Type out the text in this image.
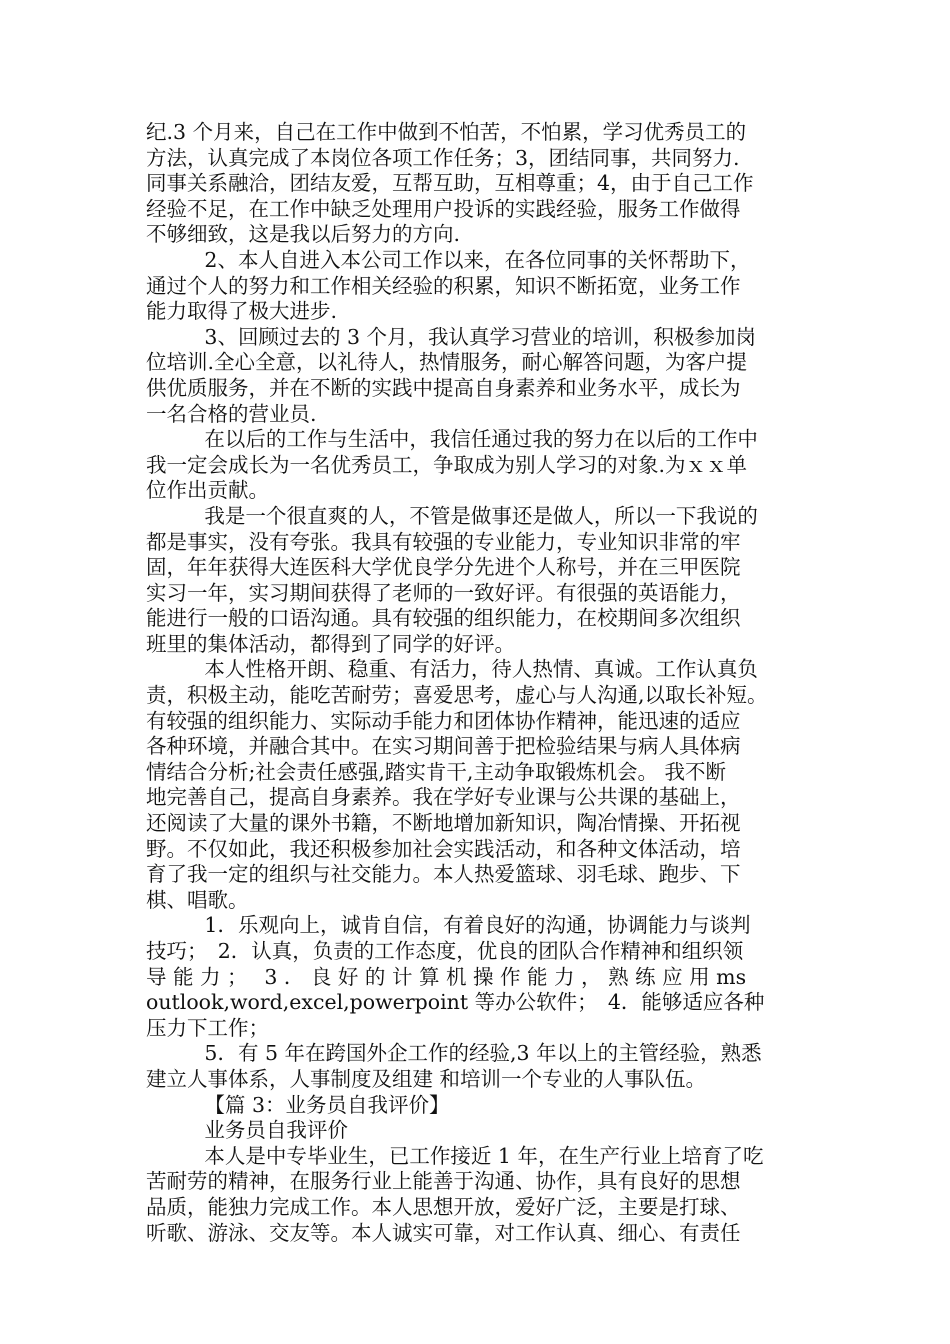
纪.3 个月来，自己在工作中做到不怕苦，不怕累，学习优秀员工的
方法，认真完成了本岗位各项工作任务；3，团结同事，共同努力.
同事关系融洽，团结友爱，互帮互助，互相尊重；4，由于自己工作
经验不足，在工作中缺乏处理用户投诉的实践经验，服务工作做得
不够细致，这是我以后努力的方向.

2、本人自进入本公司工作以来，在各位同事的关怀帮助下，
通过个人的努力和工作相关经验的积累，知识不断拓宽，业务工作
能力取得了极大进步.

3、回顾过去的 3 个月，我认真学习营业的培训，积极参加岗
位培训.全心全意，以礼待人，热情服务，耐心解答问题，为客户提
供优质服务，并在不断的实践中提高自身素养和业务水平，成长为
一名合格的营业员.

在以后的工作与生活中，我信任通过我的努力在以后的工作中
我一定会成长为一名优秀员工，争取成为别人学习的对象.为ｘｘ单
位作出贡献。

我是一个很直爽的人，不管是做事还是做人，所以一下我说的
都是事实，没有夸张。我具有较强的专业能力，专业知识非常的牢
固，年年获得大连医科大学优良学分先进个人称号，并在三甲医院
实习一年，实习期间获得了老师的一致好评。有很强的英语能力，
能进行一般的口语沟通。具有较强的组织能力，在校期间多次组织
班里的集体活动，都得到了同学的好评。

本人性格开朗、稳重、有活力，待人热情、真诚。工作认真负
责，积极主动，能吃苦耐劳；喜爱思考，虚心与人沟通,以取长补短。
有较强的组织能力、实际动手能力和团体协作精神，能迅速的适应
各种环境，并融合其中。在实习期间善于把检验结果与病人具体病
情结合分析;社会责任感强,踏实肯干,主动争取锻炼机会。 我不断
地完善自己，提高自身素养。我在学好专业课与公共课的基础上，
还阅读了大量的课外书籍，不断地增加新知识，陶冶情操、开拓视
野。不仅如此，我还积极参加社会实践活动，和各种文体活动，培
育了我一定的组织与社交能力。本人热爱篮球、羽毛球、跑步、下
棋、唱歌。

1．乐观向上，诚肯自信，有着良好的沟通，协调能力与谈判
技巧；　2．认真，负责的工作态度，优良的团队合作精神和组织领
导 能 力 ；　 3 ． 良 好 的 计 算 机 操 作 能 力 ， 熟 练 应 用 ms
outlook,word,excel,powerpoint 等办公软件；　4．能够适应各种
压力下工作；

5．有 5 年在跨国外企工作的经验,3 年以上的主管经验，熟悉
建立人事体系，人事制度及组建 和培训一个专业的人事队伍。

【篇 3：业务员自我评价】

业务员自我评价

本人是中专毕业生，已工作接近 1 年，在生产行业上培育了吃
苦耐劳的精神，在服务行业上能善于沟通、协作，具有良好的思想
品质，能独力完成工作。本人思想开放，爱好广泛，主要是打球、
听歌、游泳、交友等。本人诚实可靠，对工作认真、细心、有责任
